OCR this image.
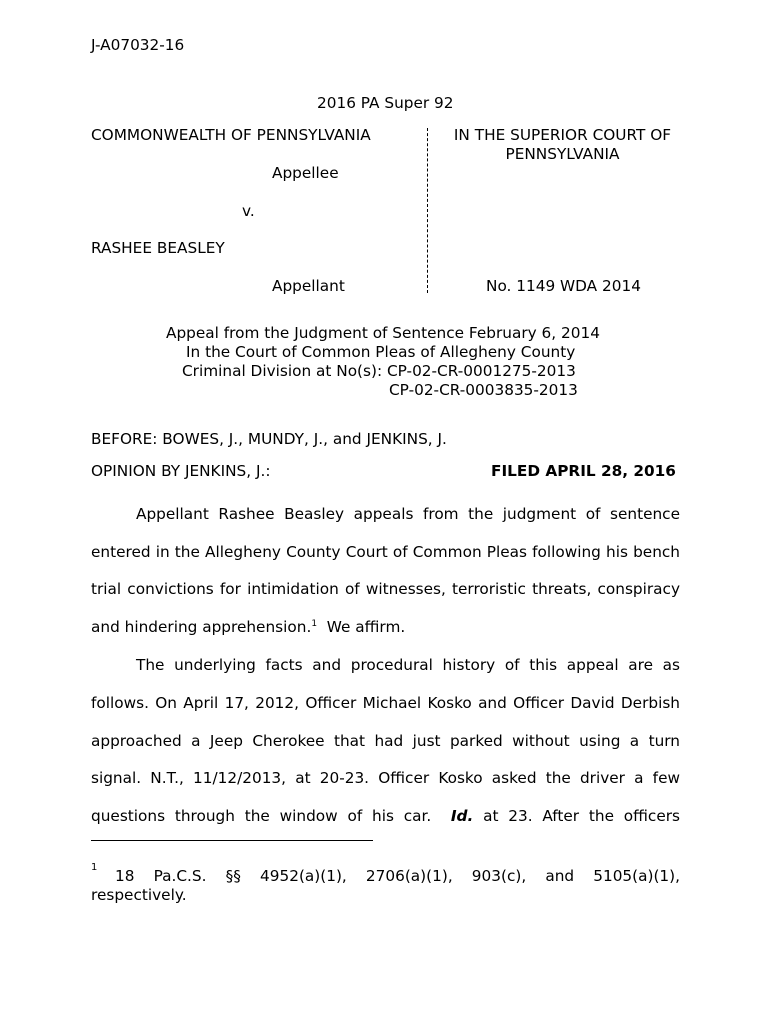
J-A07032-16
2016 PA Super 92
COMMONWEALTH OF PENNSYLVANIA
Appellee
v.
RASHEE BEASLEY
Appellant
IN THE SUPERIOR COURT OF
PENNSYLVANIA
No. 1149 WDA 2014
Appeal from the Judgment of Sentence February 6, 2014
In the Court of Common Pleas of Allegheny County
Criminal Division at No(s): CP-02-CR-0001275-2013
CP-02-CR-0003835-2013
BEFORE: BOWES, J., MUNDY, J., and JENKINS, J.
OPINION BY JENKINS, J.:	FILED APRIL 28, 2016
Appellant Rashee Beasley appeals from the judgment of sentence
entered in the Allegheny County Court of Common Pleas following his bench
trial convictions for intimidation of witnesses, terroristic threats, conspiracy
and hindering apprehension.$^1$  We affirm.
The underlying facts and procedural history of this appeal are as
follows. On April 17, 2012, Officer Michael Kosko and Officer David Derbish
approached a Jeep Cherokee that had just parked without using a turn
signal. N.T., 11/12/2013, at 20-23. Officer Kosko asked the driver a few
questions through the window of his car.  Id. at 23. After the officers
1 18 Pa.C.S. §§ 4952(a)(1), 2706(a)(1), 903(c), and 5105(a)(1),
respectively.
